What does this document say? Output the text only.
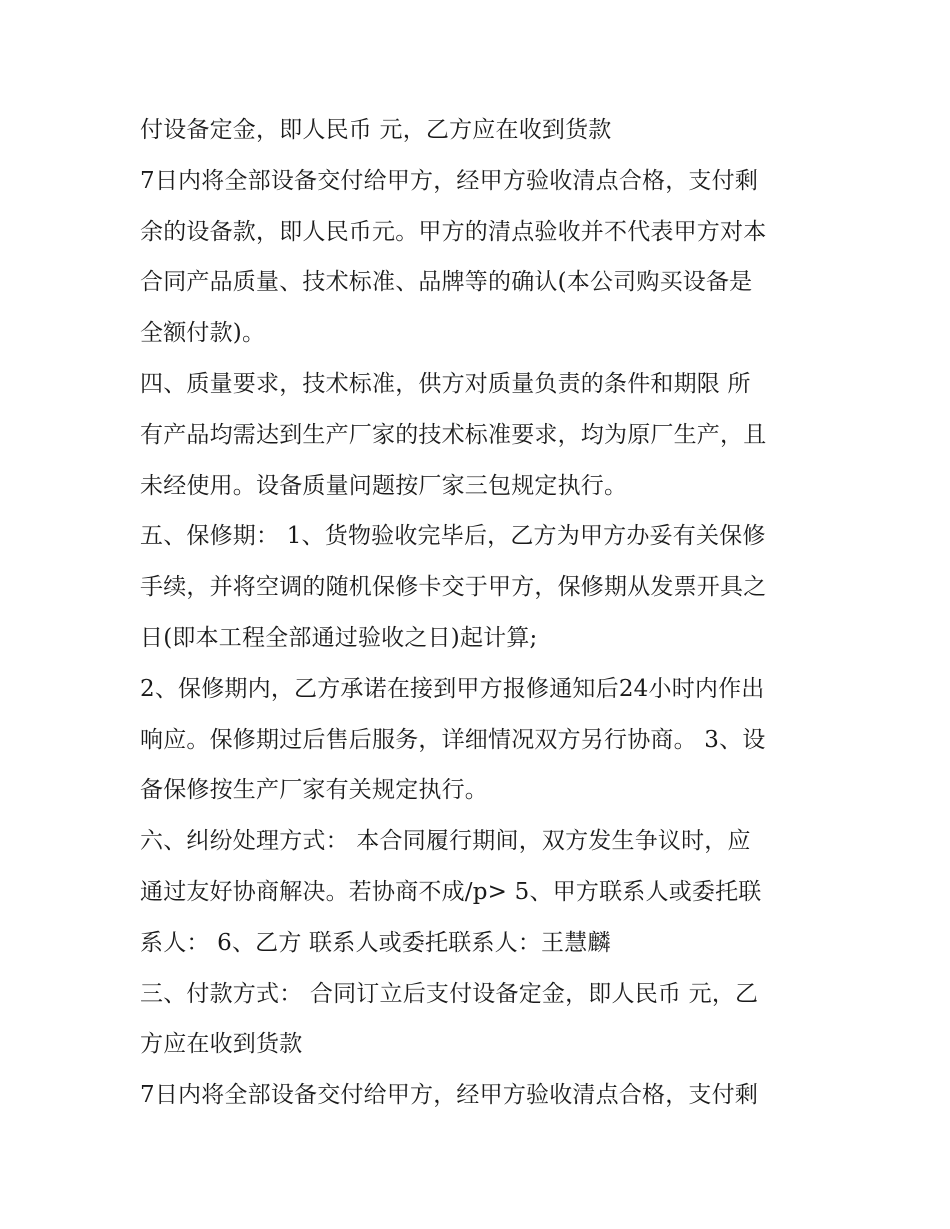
付设备定金，即人民币 元，乙方应在收到货款
7日内将全部设备交付给甲方，经甲方验收清点合格，支付剩
余的设备款，即人民币元。甲方的清点验收并不代表甲方对本
合同产品质量、技术标准、品牌等的确认(本公司购买设备是
全额付款)。
四、质量要求，技术标准，供方对质量负责的条件和期限 所
有产品均需达到生产厂家的技术标准要求，均为原厂生产，且
未经使用。设备质量问题按厂家三包规定执行。
五、保修期： 1、货物验收完毕后，乙方为甲方办妥有关保修
手续，并将空调的随机保修卡交于甲方，保修期从发票开具之
日(即本工程全部通过验收之日)起计算;
2、保修期内，乙方承诺在接到甲方报修通知后24小时内作出
响应。保修期过后售后服务，详细情况双方另行协商。 3、设
备保修按生产厂家有关规定执行。
六、纠纷处理方式： 本合同履行期间，双方发生争议时，应
通过友好协商解决。若协商不成/p> 5、甲方联系人或委托联
系人： 6、乙方 联系人或委托联系人：王慧麟
三、付款方式： 合同订立后支付设备定金，即人民币 元，乙
方应在收到货款
7日内将全部设备交付给甲方，经甲方验收清点合格，支付剩
